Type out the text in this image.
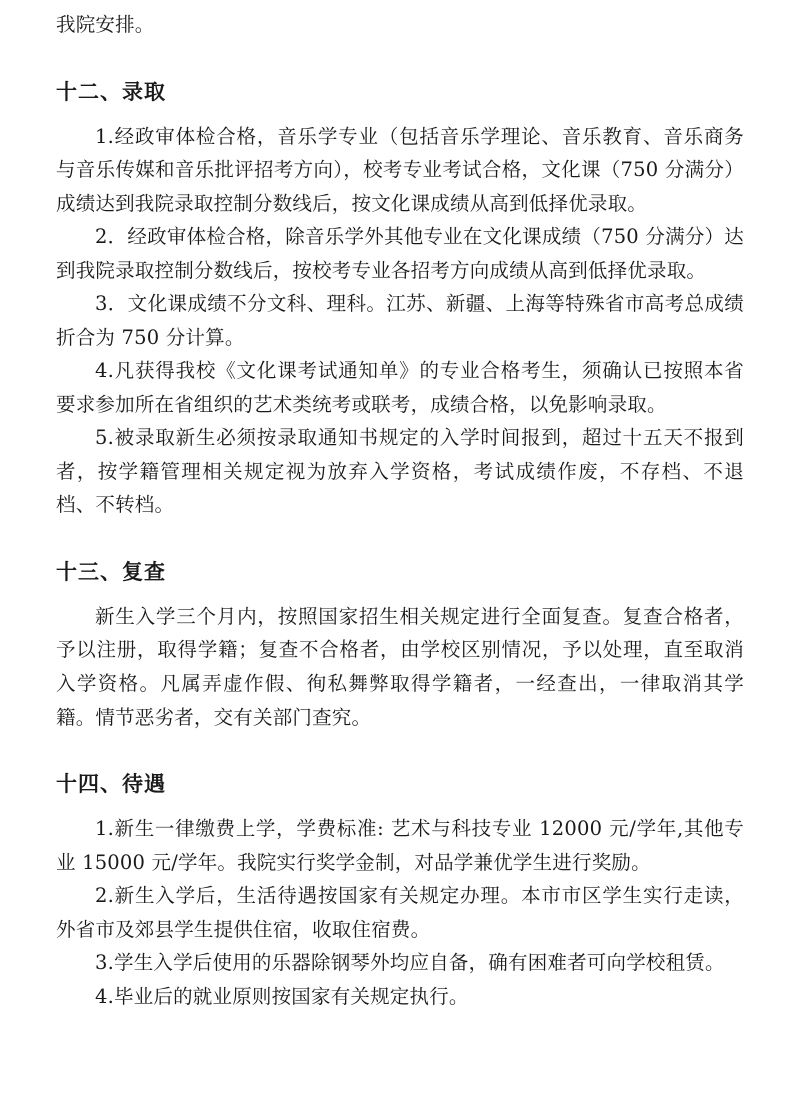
我院安排。

十二、录取

1.经政审体检合格，音乐学专业（包括音乐学理论、音乐教育、音乐商务与音乐传媒和音乐批评招考方向），校考专业考试合格，文化课（750 分满分）成绩达到我院录取控制分数线后，按文化课成绩从高到低择优录取。

2．经政审体检合格，除音乐学外其他专业在文化课成绩（750 分满分）达到我院录取控制分数线后，按校考专业各招考方向成绩从高到低择优录取。

3．文化课成绩不分文科、理科。江苏、新疆、上海等特殊省市高考总成绩折合为 750 分计算。

4.凡获得我校《文化课考试通知单》的专业合格考生，须确认已按照本省要求参加所在省组织的艺术类统考或联考，成绩合格，以免影响录取。

5.被录取新生必须按录取通知书规定的入学时间报到，超过十五天不报到者，按学籍管理相关规定视为放弃入学资格，考试成绩作废，不存档、不退档、不转档。

十三、复查

新生入学三个月内，按照国家招生相关规定进行全面复查。复查合格者，予以注册，取得学籍；复查不合格者，由学校区别情况，予以处理，直至取消入学资格。凡属弄虚作假、徇私舞弊取得学籍者，一经查出，一律取消其学籍。情节恶劣者，交有关部门查究。

十四、待遇

1.新生一律缴费上学，学费标准: 艺术与科技专业 12000 元/学年,其他专业 15000 元/学年。我院实行奖学金制，对品学兼优学生进行奖励。

2.新生入学后，生活待遇按国家有关规定办理。本市市区学生实行走读，外省市及郊县学生提供住宿，收取住宿费。

3.学生入学后使用的乐器除钢琴外均应自备，确有困难者可向学校租赁。

4.毕业后的就业原则按国家有关规定执行。
